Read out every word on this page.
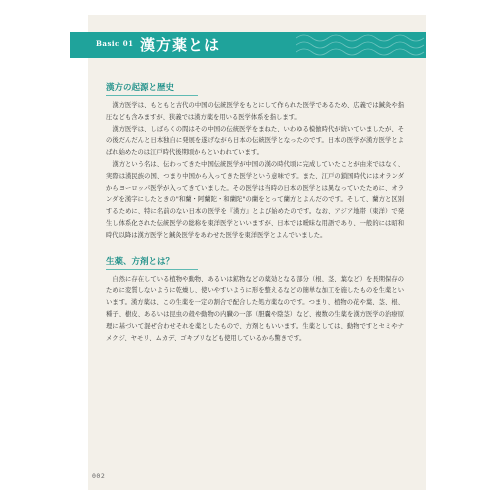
Basic 01 漢方薬とは
漢方の起源と歴史

　漢方医学は、もともと古代の中国の伝統医学をもとにして作られた医学であるため、広義では鍼灸や指圧なども含みますが、狭義では漢方薬を用いる医学体系を指します。

　漢方医学は、しばらくの間はその中国の伝統医学をまねた、いわゆる模倣時代が続いていましたが、その後だんだんと日本独自に発展を遂げながら日本の伝統医学となったのです。日本の医学が漢方医学とよばれ始めたのは江戸時代後期頃からといわれています。

　漢方という名は、伝わってきた中国伝統医学が中国の漢の時代頃に完成していたことが由来ではなく、実際は漢民族の国、つまり中国から入ってきた医学という意味です。また、江戸の鎖国時代にはオランダからヨーロッパ医学が入ってきていました。その医学は当時の日本の医学とは異なっていたために、オランダを漢字にしたときの"和蘭・阿蘭陀・和蘭陀"の蘭をとって蘭方とよんだのです。そして、蘭方と区別するために、特に名前のない日本の医学を『漢方』とよび始めたのです。なお、アジア地帯（東洋）で発生し体系化された伝統医学の総称を東洋医学といいますが、日本では曖昧な用語であり、一般的には昭和時代以降は漢方医学と鍼灸医学をあわせた医学を東洋医学とよんでいました。

生薬、方剤とは？

　自然に存在している植物や動物、あるいは鉱物などの薬効となる部分（根、茎、葉など）を長期保存のために変質しないように乾燥し、使いやすいように形を整えるなどの簡単な加工を施したものを生薬といいます。漢方薬は、この生薬を一定の割合で配合した処方薬なのです。つまり、植物の花や葉、茎、根、種子、樹皮、あるいは昆虫の殻や動物の内臓の一部（胆嚢や陰茎）など、複数の生薬を漢方医学の治療原理に基づいて混ぜ合わせそれを薬としたもので、方剤ともいいます。生薬としては、動物ですとセミやナメクジ、ヤモリ、ムカデ、ゴキブリなども使用しているから驚きです。

002
